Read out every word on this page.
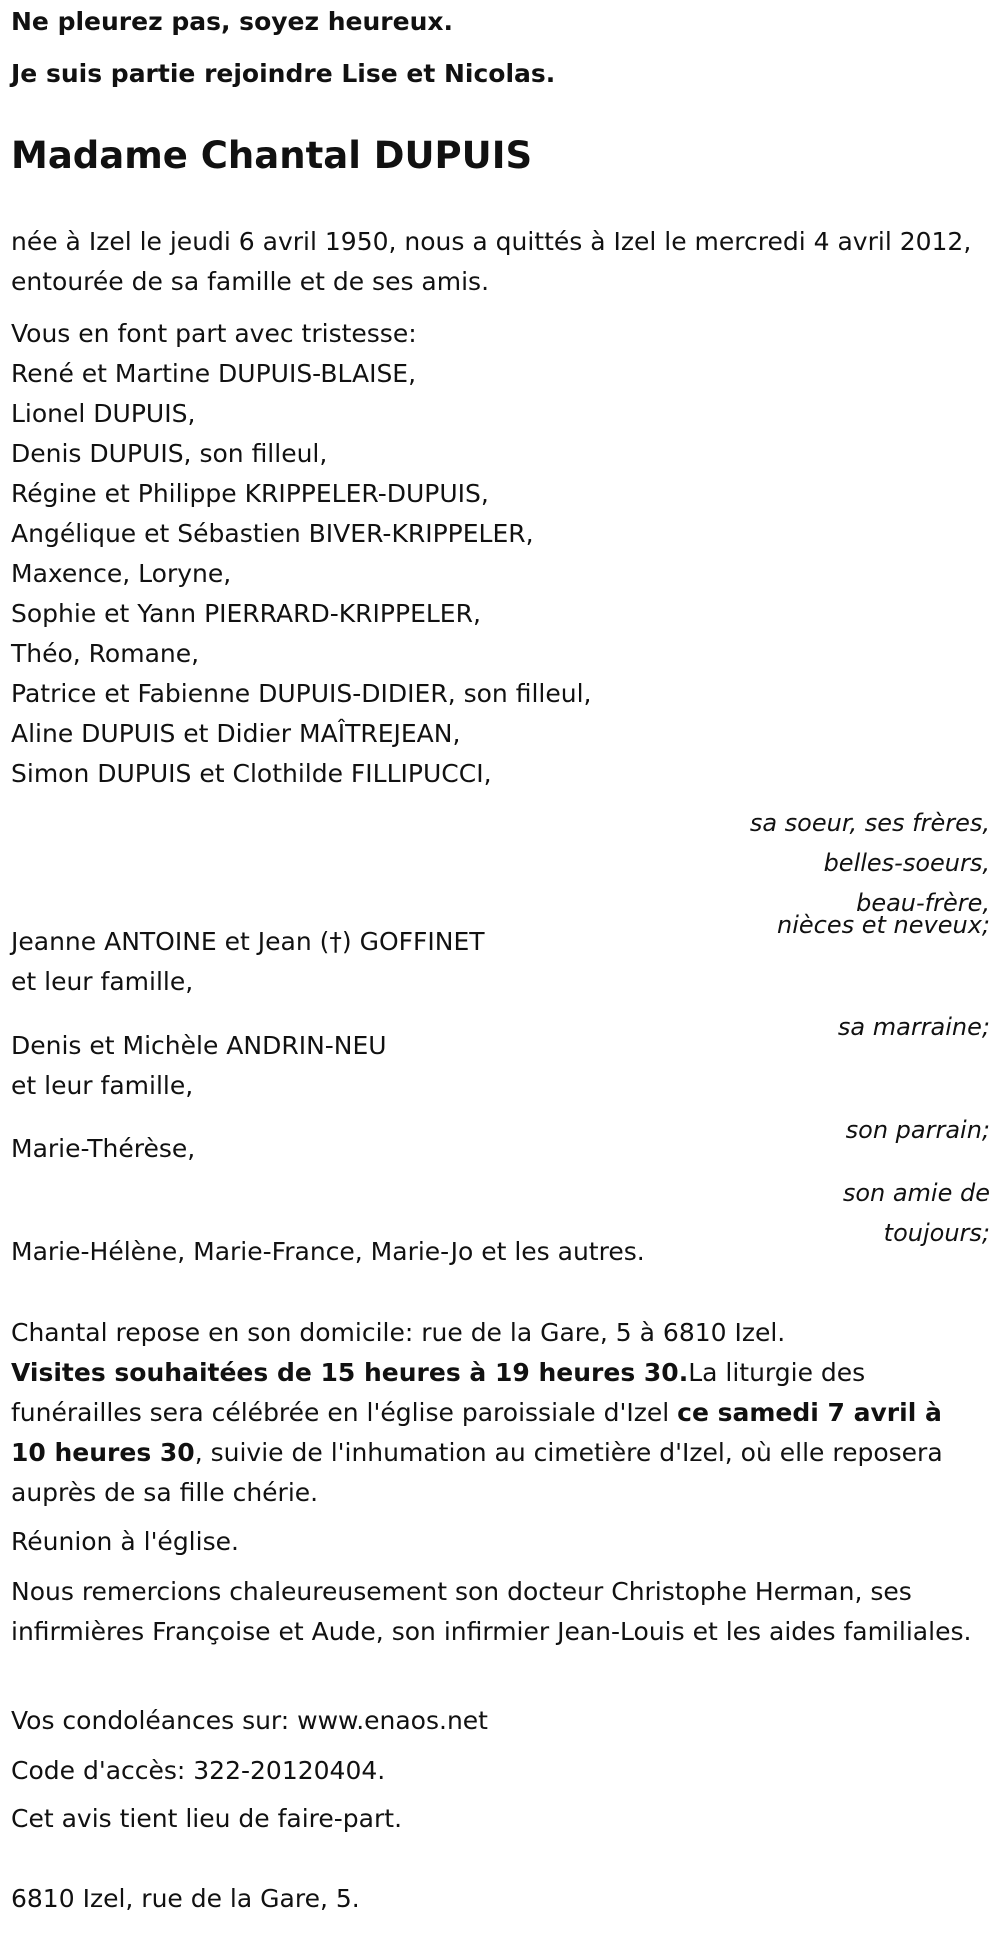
Ne pleurez pas, soyez heureux.

Je suis partie rejoindre Lise et Nicolas.

Madame Chantal DUPUIS

née à Izel le jeudi 6 avril 1950, nous a quittés à Izel le mercredi 4 avril 2012, entourée de sa famille et de ses amis.

Vous en font part avec tristesse:

René et Martine DUPUIS-BLAISE,

Lionel DUPUIS,

Denis DUPUIS, son filleul,

Régine et Philippe KRIPPELER-DUPUIS,

Angélique et Sébastien BIVER-KRIPPELER,

Maxence, Loryne,

Sophie et Yann PIERRARD-KRIPPELER,

Théo, Romane,

Patrice et Fabienne DUPUIS-DIDIER, son filleul,

Aline DUPUIS et Didier MAÎTREJEAN,

Simon DUPUIS et Clothilde FILLIPUCCI,

sa soeur, ses frères,

belles-soeurs,

beau-frère,

nièces et neveux;

Jeanne ANTOINE et Jean (†) GOFFINET

et leur famille,

sa marraine;

Denis et Michèle ANDRIN-NEU

et leur famille,

son parrain;

Marie-Thérèse,

son amie de

toujours;

Marie-Hélène, Marie-France, Marie-Jo et les autres.

Chantal repose en son domicile: rue de la Gare, 5 à 6810 Izel.

Visites souhaitées de 15 heures à 19 heures 30.La liturgie des funérailles sera célébrée en l'église paroissiale d'Izel ce samedi 7 avril à 10 heures 30, suivie de l'inhumation au cimetière d'Izel, où elle reposera auprès de sa fille chérie.

Réunion à l'église.

Nous remercions chaleureusement son docteur Christophe Herman, ses infirmières Françoise et Aude, son infirmier Jean-Louis et les aides familiales.

Vos condoléances sur: www.enaos.net

Code d'accès: 322-20120404.

Cet avis tient lieu de faire-part.

6810 Izel, rue de la Gare, 5.
